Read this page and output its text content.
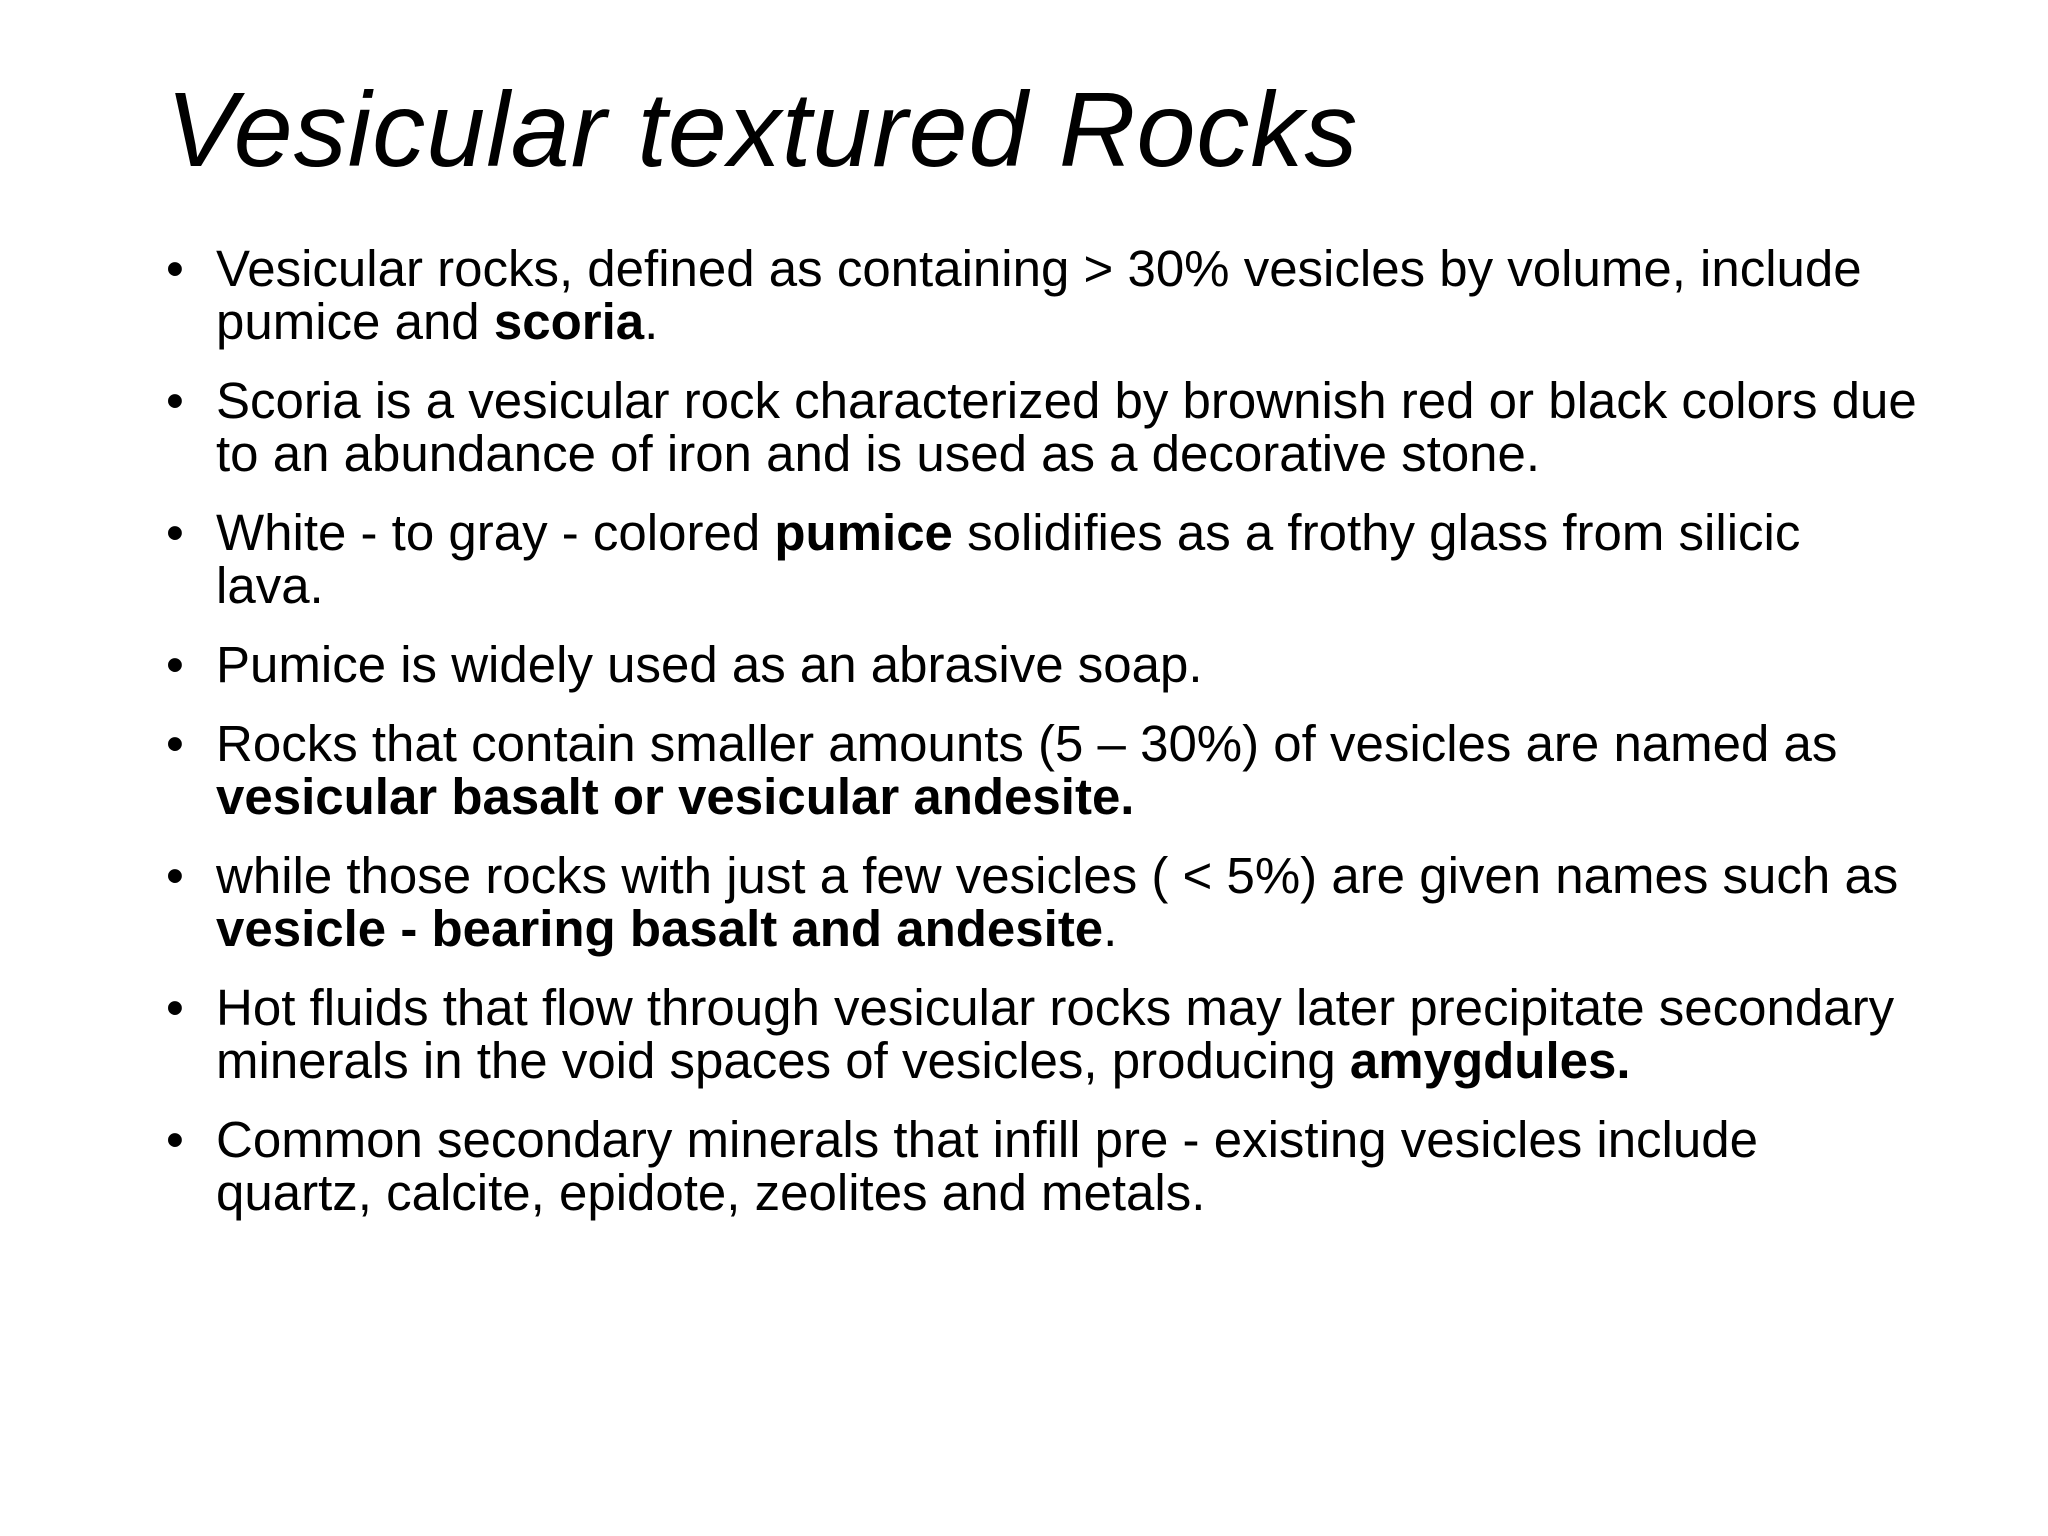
Vesicular textured Rocks
• Vesicular rocks, defined as containing > 30% vesicles by volume, include pumice and scoria.
• Scoria is a vesicular rock characterized by brownish red or black colors due to an abundance of iron and is used as a decorative stone.
• White - to gray - colored pumice solidifies as a frothy glass from silicic lava.
• Pumice is widely used as an abrasive soap.
• Rocks that contain smaller amounts (5 – 30%) of vesicles are named as vesicular basalt or vesicular andesite.
• while those rocks with just a few vesicles ( < 5%) are given names such as vesicle - bearing basalt and andesite.
• Hot fluids that flow through vesicular rocks may later precipitate secondary minerals in the void spaces of vesicles, producing amygdules.
• Common secondary minerals that infill pre - existing vesicles include quartz, calcite, epidote, zeolites and metals.
